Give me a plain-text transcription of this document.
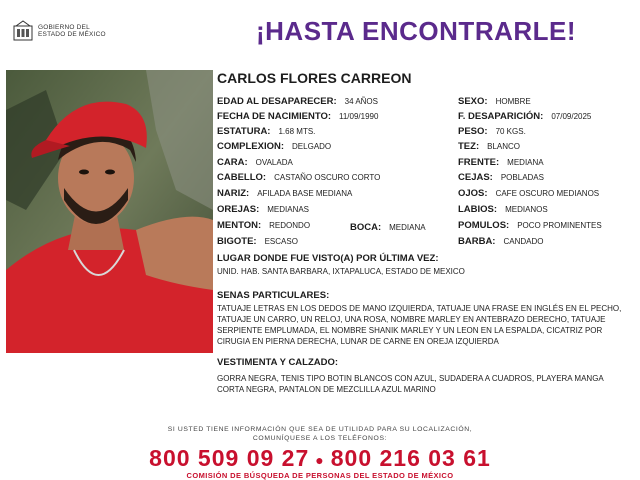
GOBIERNO DEL
ESTADO DE MÉXICO	¡HASTA ENCONTRARLE!
CARLOS FLORES CARREON
EDAD AL DESAPARECER: 34 AÑOS
FECHA DE NACIMIENTO: 11/09/1990
ESTATURA: 1.68 MTS.
COMPLEXION: DELGADO
CARA: OVALADA
CABELLO: CASTAÑO OSCURO CORTO
NARIZ: AFILADA BASE MEDIANA
OREJAS: MEDIANAS
MENTON: REDONDO	BOCA: MEDIANA
BIGOTE: ESCASO
SEXO: HOMBRE
F. DESAPARICIÓN: 07/09/2025
PESO: 70 KGS.
TEZ: BLANCO
FRENTE: MEDIANA
CEJAS: POBLADAS
OJOS: CAFE OSCURO MEDIANOS
LABIOS: MEDIANOS
POMULOS: POCO PROMINENTES
BARBA: CANDADO
LUGAR DONDE FUE VISTO(A) POR ÚLTIMA VEZ:
UNID. HAB. SANTA BARBARA, IXTAPALUCA, ESTADO DE MEXICO
SENAS PARTICULARES:
TATUAJE LETRAS EN LOS DEDOS DE MANO IZQUIERDA, TATUAJE UNA FRASE EN INGLÉS EN EL PECHO, TATUAJE UN CARRO, UN RELOJ, UNA ROSA, NOMBRE MARLEY EN ANTEBRAZO DERECHO, TATUAJE SERPIENTE EMPLUMADA, EL NOMBRE SHANIK MARLEY Y UN LEON EN LA ESPALDA, CICATRIZ POR CIRUGIA EN PIERNA DERECHA, LUNAR DE CARNE EN OREJA IZQUIERDA
VESTIMENTA Y CALZADO:
GORRA NEGRA, TENIS TIPO BOTIN BLANCOS CON AZUL, SUDADERA A CUADROS, PLAYERA MANGA CORTA NEGRA, PANTALON DE MEZCLILLA AZUL MARINO
SI USTED TIENE INFORMACIÓN QUE SEA DE UTILIDAD PARA SU LOCALIZACIÓN,
COMUNÍQUESE A LOS TELÉFONOS:
800 509 09 27 ● 800 216 03 61
COMISIÓN DE BÚSQUEDA DE PERSONAS DEL ESTADO DE MÉXICO
